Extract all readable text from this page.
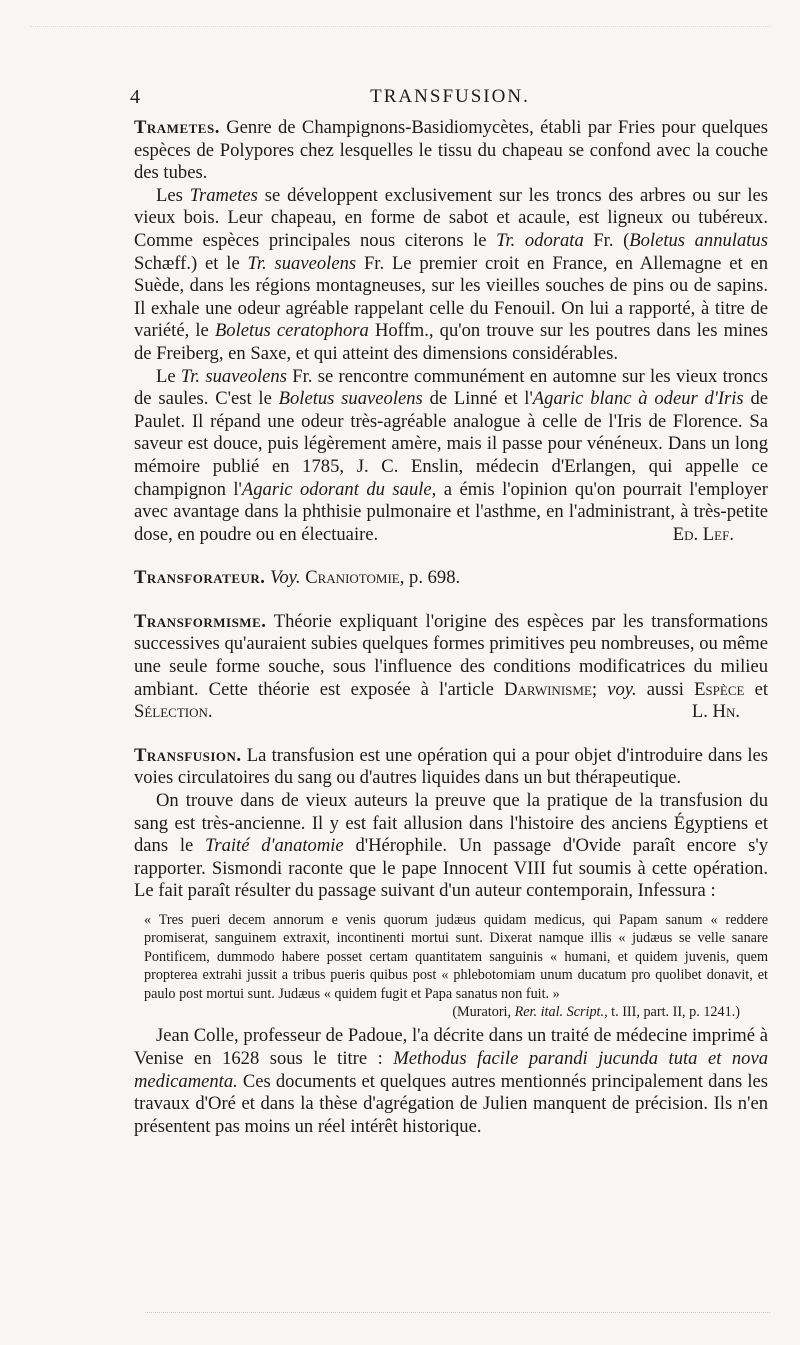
4	TRANSFUSION.

Trametes. Genre de Champignons-Basidiomycètes, établi par Fries pour quelques espèces de Polypores chez lesquelles le tissu du chapeau se confond avec la couche des tubes.

Les Trametes se développent exclusivement sur les troncs des arbres ou sur les vieux bois. Leur chapeau, en forme de sabot et acaule, est ligneux ou tubéreux. Comme espèces principales nous citerons le Tr. odorata Fr. (Boletus annulatus Schæff.) et le Tr. suaveolens Fr. Le premier croit en France, en Allemagne et en Suède, dans les régions montagneuses, sur les vieilles souches de pins ou de sapins. Il exhale une odeur agréable rappelant celle du Fenouil. On lui a rapporté, à titre de variété, le Boletus ceratophora Hoffm., qu'on trouve sur les poutres dans les mines de Freiberg, en Saxe, et qui atteint des dimensions considérables.

Le Tr. suaveolens Fr. se rencontre communément en automne sur les vieux troncs de saules. C'est le Boletus suaveolens de Linné et l'Agaric blanc à odeur d'Iris de Paulet. Il répand une odeur très-agréable analogue à celle de l'Iris de Florence. Sa saveur est douce, puis légèrement amère, mais il passe pour vénéneux. Dans un long mémoire publié en 1785, J. C. Enslin, médecin d'Erlangen, qui appelle ce champignon l'Agaric odorant du saule, a émis l'opinion qu'on pourrait l'employer avec avantage dans la phthisie pulmonaire et l'asthme, en l'administrant, à très-petite dose, en poudre ou en électuaire.	Ed. Lef.

Transforateur. Voy. Craniotomie, p. 698.

Transformisme. Théorie expliquant l'origine des espèces par les transformations successives qu'auraient subies quelques formes primitives peu nombreuses, ou même une seule forme souche, sous l'influence des conditions modificatrices du milieu ambiant. Cette théorie est exposée à l'article Darwinisme; voy. aussi Espèce et Sélection.	L. Hn.

Transfusion. La transfusion est une opération qui a pour objet d'introduire dans les voies circulatoires du sang ou d'autres liquides dans un but thérapeutique.

On trouve dans de vieux auteurs la preuve que la pratique de la transfusion du sang est très-ancienne. Il y est fait allusion dans l'histoire des anciens Égyptiens et dans le Traité d'anatomie d'Hérophile. Un passage d'Ovide paraît encore s'y rapporter. Sismondi raconte que le pape Innocent VIII fut soumis à cette opération. Le fait paraît résulter du passage suivant d'un auteur contemporain, Infessura :

« Tres pueri decem annorum e venis quorum judæus quidam medicus, qui Papam sanum « reddere promiserat, sanguinem extraxit, incontinenti mortui sunt. Dixerat namque illis « judæus se velle sanare Pontificem, dummodo habere posset certam quantitatem sanguinis « humani, et quidem juvenis, quem propterea extrahi jussit a tribus pueris quibus post « phlebotomiam unum ducatum pro quolibet donavit, et paulo post mortui sunt. Judæus « quidem fugit et Papa sanatus non fuit. »

(Muratori, Rer. ital. Script., t. III, part. II, p. 1241.)

Jean Colle, professeur de Padoue, l'a décrite dans un traité de médecine imprimé à Venise en 1628 sous le titre : Methodus facile parandi jucunda tuta et nova medicamenta. Ces documents et quelques autres mentionnés principalement dans les travaux d'Oré et dans la thèse d'agrégation de Julien manquent de précision. Ils n'en présentent pas moins un réel intérêt historique.
